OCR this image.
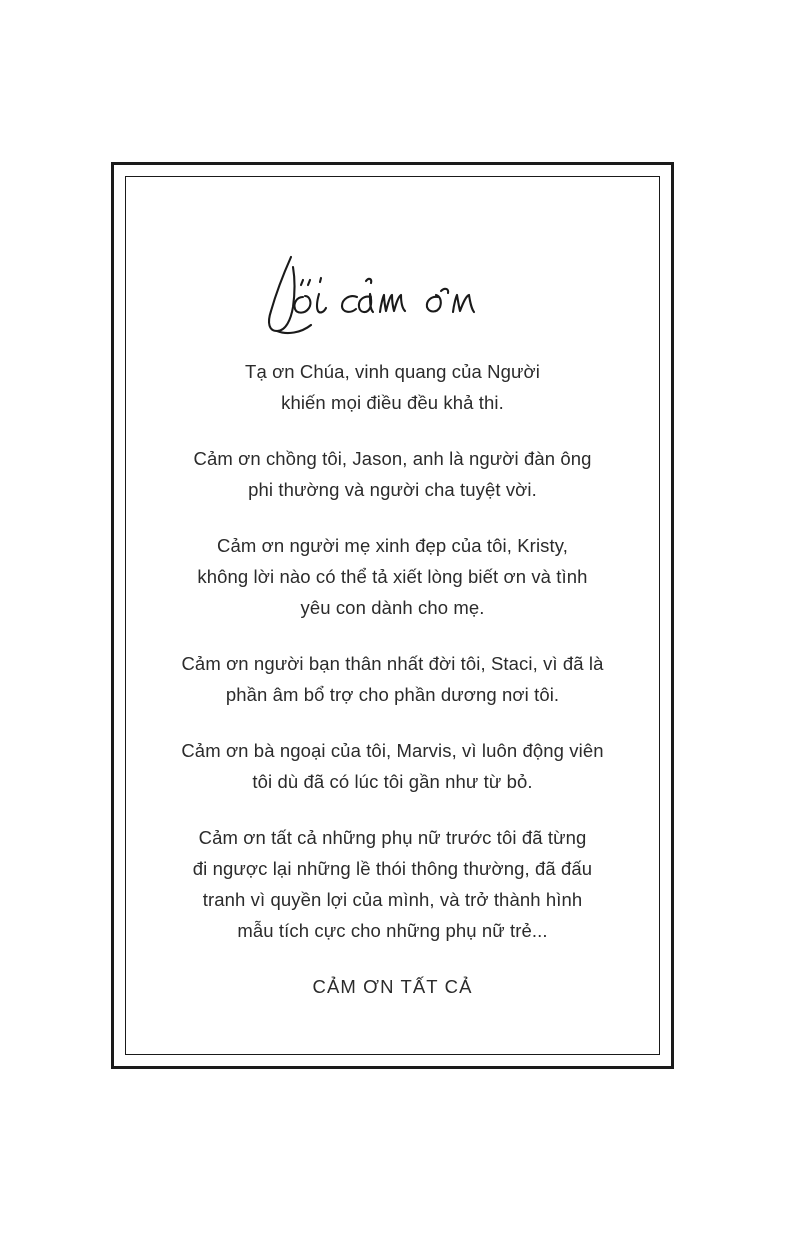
Tạ ơn Chúa, vinh quang của Người
khiến mọi điều đều khả thi.

Cảm ơn chồng tôi, Jason, anh là người đàn ông
phi thường và người cha tuyệt vời.

Cảm ơn người mẹ xinh đẹp của tôi, Kristy,
không lời nào có thể tả xiết lòng biết ơn và tình
yêu con dành cho mẹ.

Cảm ơn người bạn thân nhất đời tôi, Staci, vì đã là
phần âm bổ trợ cho phần dương nơi tôi.

Cảm ơn bà ngoại của tôi, Marvis, vì luôn động viên
tôi dù đã có lúc tôi gần như từ bỏ.

Cảm ơn tất cả những phụ nữ trước tôi đã từng
đi ngược lại những lề thói thông thường, đã đấu
tranh vì quyền lợi của mình, và trở thành hình
mẫu tích cực cho những phụ nữ trẻ...

CẢM ƠN TẤT CẢ
